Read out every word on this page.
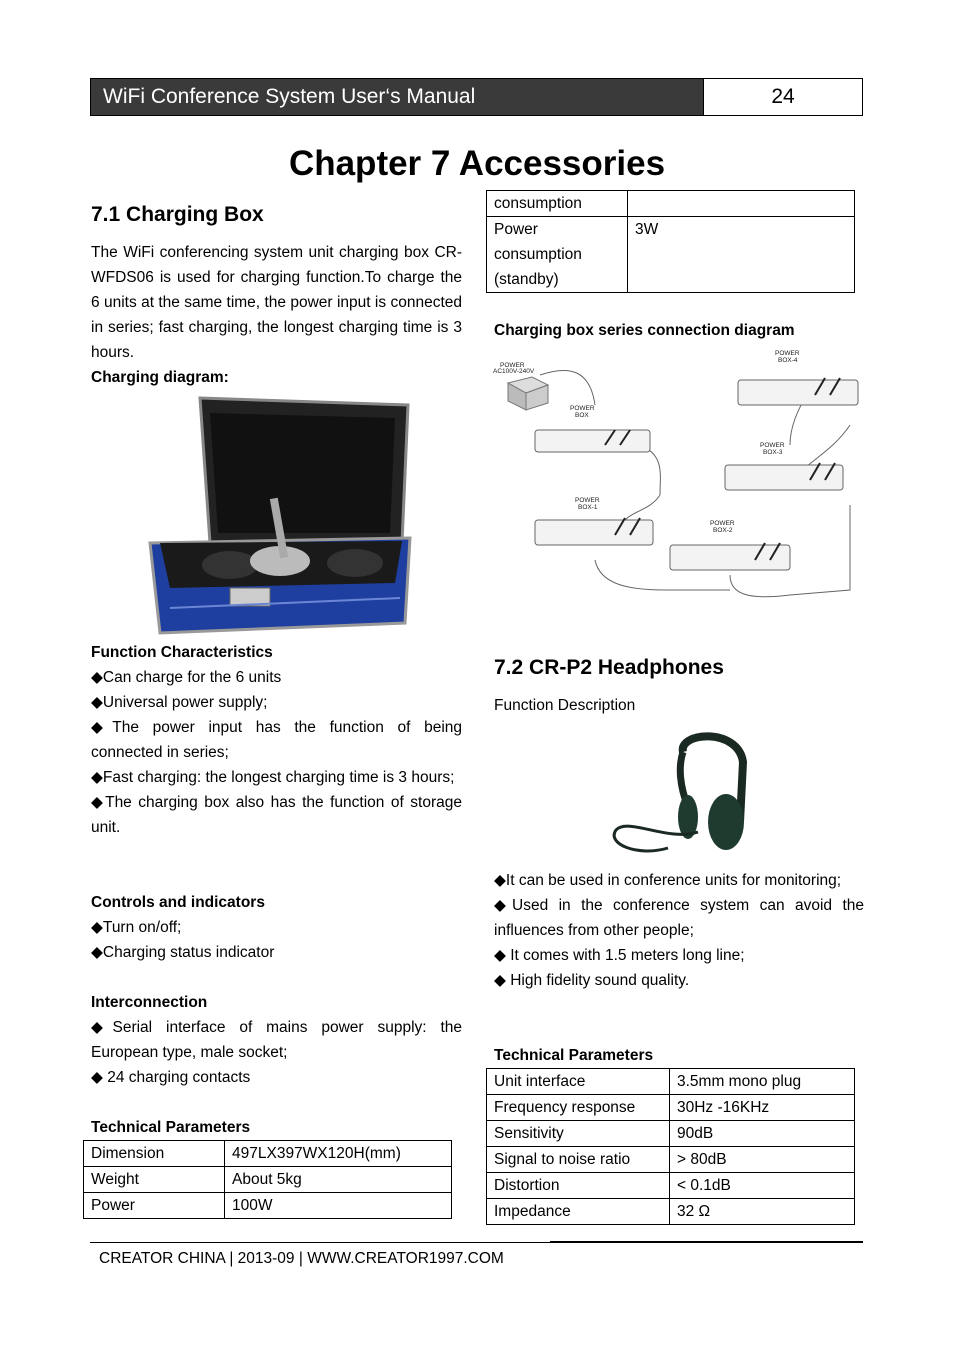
WiFi Conference System User‘s Manual	24
Chapter 7 Accessories
7.1 Charging Box
The WiFi conferencing system unit charging box CR-WFDS06 is used for charging function.To charge the 6 units at the same time, the power input is connected in series; fast charging, the longest charging time is 3 hours.
Charging diagram:
Function Characteristics
◆Can charge for the 6 units
◆Universal power supply;
◆The power input has the function of being connected in series;
◆Fast charging: the longest charging time is 3 hours;
◆The charging box also has the function of storage unit.
Controls and indicators
◆Turn on/off;
◆Charging status indicator
Interconnection
◆Serial interface of mains power supply: the European type, male socket;
◆ 24 charging contacts
Technical Parameters
Dimension	497LX397WX120H(mm)
Weight	About 5kg
Power	100W
consumption	
Power consumption (standby)	3W
Charging box series connection diagram
POWER
AC100V-240V
POWER
BOX
POWER
BOX-4
POWER
BOX-3
POWER
BOX-1
POWER
BOX-2
7.2 CR-P2 Headphones
Function Description
◆It can be used in conference units for monitoring;
◆Used in the conference system can avoid the influences from other people;
◆ It comes with 1.5 meters long line;
◆ High fidelity sound quality.
Technical Parameters
Unit interface	3.5mm mono plug
Frequency response	30Hz -16KHz
Sensitivity	90dB
Signal to noise ratio	> 80dB
Distortion	< 0.1dB
Impedance	32 Ω
CREATOR CHINA | 2013-09 | WWW.CREATOR1997.COM
